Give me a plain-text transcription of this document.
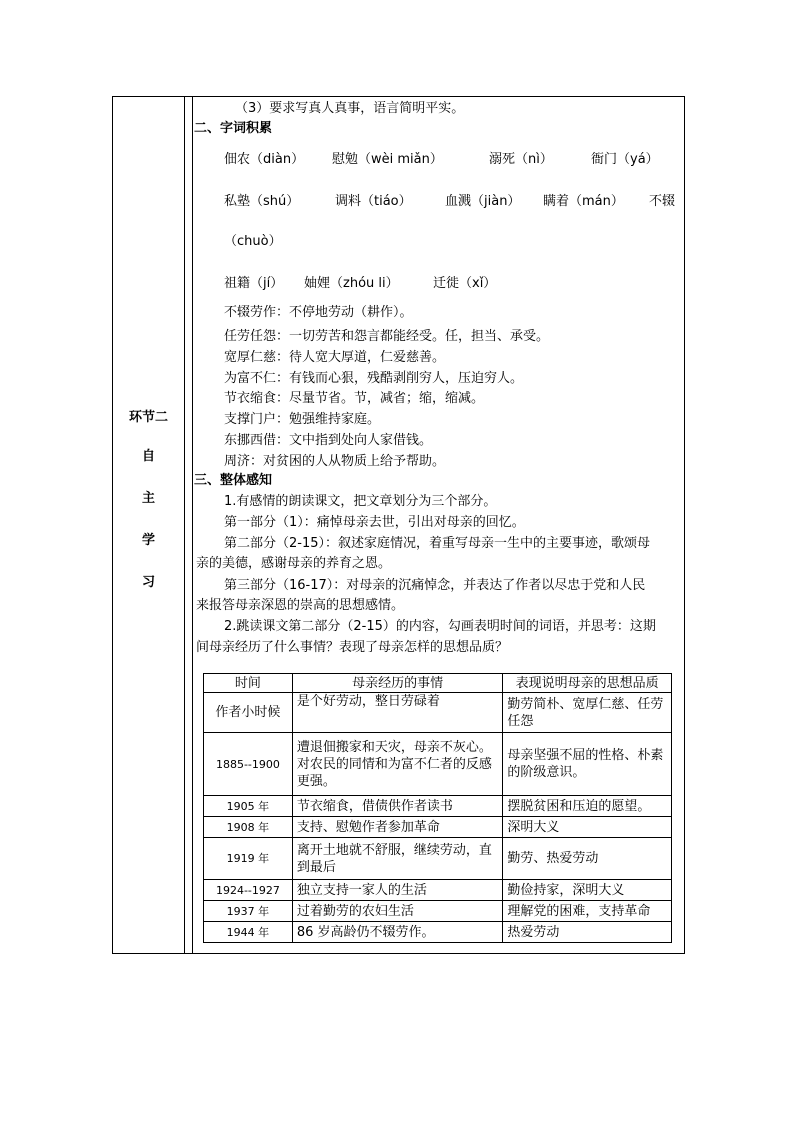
环节二
自
主
学
习
（3）要求写真人真事，语言简明平实。
二、字词积累
佃农（diàn） 慰勉（wèi miǎn）	溺死（nì）	衙门（yá）
私塾（shú）	调料（tiáo）	血溅（jiàn） 瞒着（mán） 不辍
（chuò）
祖籍（jí） 妯娌（zhóu li）	迁徙（xǐ）
不辍劳作：不停地劳动（耕作）。
任劳任怨：一切劳苦和怨言都能经受。任，担当、承受。
宽厚仁慈：待人宽大厚道，仁爱慈善。
为富不仁：有钱而心狠，残酷剥削穷人，压迫穷人。
节衣缩食：尽量节省。节，减省；缩，缩减。
支撑门户：勉强维持家庭。
东挪西借：文中指到处向人家借钱。
周济：对贫困的人从物质上给予帮助。
三、整体感知
1.有感情的朗读课文，把文章划分为三个部分。
第一部分（1）：痛悼母亲去世，引出对母亲的回忆。
第二部分（2-15）：叙述家庭情况，着重写母亲一生中的主要事迹，歌颂母
亲的美德，感谢母亲的养育之恩。
第三部分（16-17）：对母亲的沉痛悼念，并表达了作者以尽忠于党和人民
来报答母亲深恩的崇高的思想感情。
2.跳读课文第二部分（2-15）的内容，勾画表明时间的词语，并思考：这期
间母亲经历了什么事情？表现了母亲怎样的思想品质？
时间	母亲经历的事情	表现说明母亲的思想品质
作者小时候	是个好劳动，整日劳碌着	勤劳简朴、宽厚仁慈、任劳任怨
1885--1900	遭退佃搬家和天灾，母亲不灰心。对农民的同情和为富不仁者的反感更强。	母亲坚强不屈的性格、朴素的阶级意识。
1905 年	节衣缩食，借债供作者读书	摆脱贫困和压迫的愿望。
1908 年	支持、慰勉作者参加革命	深明大义
1919 年	离开土地就不舒服，继续劳动，直到最后	勤劳、热爱劳动
1924--1927	独立支持一家人的生活	勤俭持家，深明大义
1937 年	过着勤劳的农妇生活	理解党的困难，支持革命
1944 年	86 岁高龄仍不辍劳作。	热爱劳动
